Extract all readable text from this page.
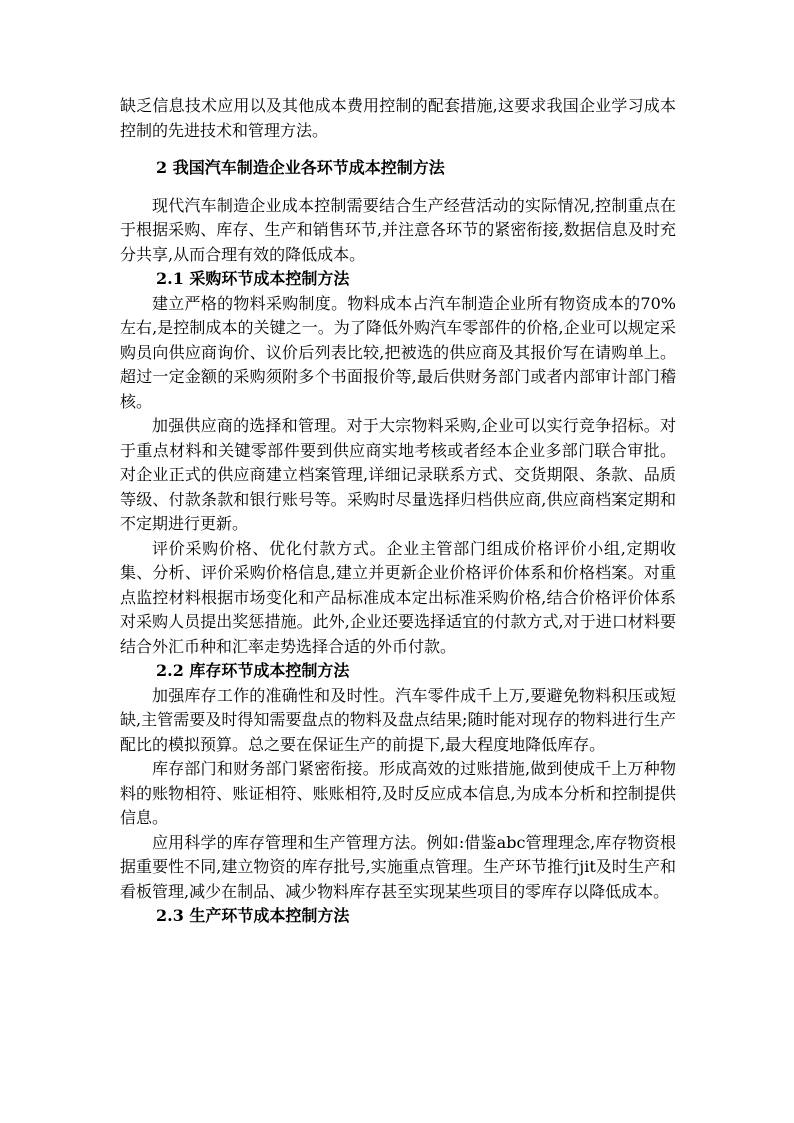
缺乏信息技术应用以及其他成本费用控制的配套措施,这要求我国企业学习成本控制的先进技术和管理方法。

2 我国汽车制造企业各环节成本控制方法

现代汽车制造企业成本控制需要结合生产经营活动的实际情况,控制重点在于根据采购、库存、生产和销售环节,并注意各环节的紧密衔接,数据信息及时充分共享,从而合理有效的降低成本。

2.1 采购环节成本控制方法

建立严格的物料采购制度。物料成本占汽车制造企业所有物资成本的70%左右,是控制成本的关键之一。为了降低外购汽车零部件的价格,企业可以规定采购员向供应商询价、议价后列表比较,把被选的供应商及其报价写在请购单上。超过一定金额的采购须附多个书面报价等,最后供财务部门或者内部审计部门稽核。

加强供应商的选择和管理。对于大宗物料采购,企业可以实行竞争招标。对于重点材料和关键零部件要到供应商实地考核或者经本企业多部门联合审批。对企业正式的供应商建立档案管理,详细记录联系方式、交货期限、条款、品质等级、付款条款和银行账号等。采购时尽量选择归档供应商,供应商档案定期和不定期进行更新。

评价采购价格、优化付款方式。企业主管部门组成价格评价小组,定期收集、分析、评价采购价格信息,建立并更新企业价格评价体系和价格档案。对重点监控材料根据市场变化和产品标准成本定出标准采购价格,结合价格评价体系对采购人员提出奖惩措施。此外,企业还要选择适宜的付款方式,对于进口材料要结合外汇币种和汇率走势选择合适的外币付款。

2.2 库存环节成本控制方法

加强库存工作的准确性和及时性。汽车零件成千上万,要避免物料积压或短缺,主管需要及时得知需要盘点的物料及盘点结果;随时能对现存的物料进行生产配比的模拟预算。总之要在保证生产的前提下,最大程度地降低库存。

库存部门和财务部门紧密衔接。形成高效的过账措施,做到使成千上万种物料的账物相符、账证相符、账账相符,及时反应成本信息,为成本分析和控制提供信息。

应用科学的库存管理和生产管理方法。例如:借鉴abc管理理念,库存物资根据重要性不同,建立物资的库存批号,实施重点管理。生产环节推行jit及时生产和看板管理,减少在制品、减少物料库存甚至实现某些项目的零库存以降低成本。

2.3 生产环节成本控制方法
